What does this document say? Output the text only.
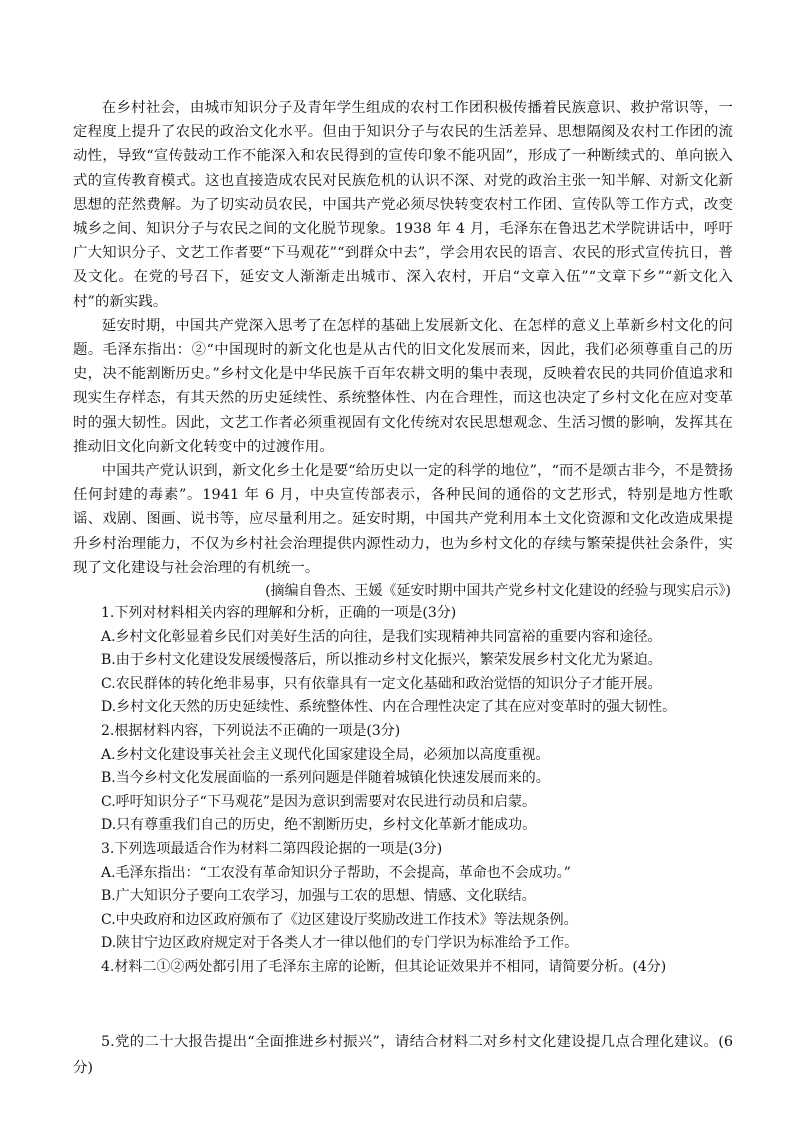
在乡村社会，由城市知识分子及青年学生组成的农村工作团积极传播着民族意识、救护常识等，一定程度上提升了农民的政治文化水平。但由于知识分子与农民的生活差异、思想隔阂及农村工作团的流动性，导致“宣传鼓动工作不能深入和农民得到的宣传印象不能巩固”，形成了一种断续式的、单向嵌入式的宣传教育模式。这也直接造成农民对民族危机的认识不深、对党的政治主张一知半解、对新文化新思想的茫然费解。为了切实动员农民，中国共产党必须尽快转变农村工作团、宣传队等工作方式，改变城乡之间、知识分子与农民之间的文化脱节现象。1938 年 4 月，毛泽东在鲁迅艺术学院讲话中，呼吁广大知识分子、文艺工作者要“下马观花”“到群众中去”，学会用农民的语言、农民的形式宣传抗日，普及文化。在党的号召下，延安文人渐渐走出城市、深入农村，开启“文章入伍”“文章下乡”“新文化入村”的新实践。

延安时期，中国共产党深入思考了在怎样的基础上发展新文化、在怎样的意义上革新乡村文化的问题。毛泽东指出：②“中国现时的新文化也是从古代的旧文化发展而来，因此，我们必须尊重自己的历史，决不能割断历史。”乡村文化是中华民族千百年农耕文明的集中表现，反映着农民的共同价值追求和现实生存样态，有其天然的历史延续性、系统整体性、内在合理性，而这也决定了乡村文化在应对变革时的强大韧性。因此，文艺工作者必须重视固有文化传统对农民思想观念、生活习惯的影响，发挥其在推动旧文化向新文化转变中的过渡作用。

中国共产党认识到，新文化乡土化是要“给历史以一定的科学的地位”，“而不是颂古非今，不是赞扬任何封建的毒素”。1941 年 6 月，中央宣传部表示，各种民间的通俗的文艺形式，特别是地方性歌谣、戏剧、图画、说书等，应尽量利用之。延安时期，中国共产党利用本土文化资源和文化改造成果提升乡村治理能力，不仅为乡村社会治理提供内源性动力，也为乡村文化的存续与繁荣提供社会条件，实现了文化建设与社会治理的有机统一。

(摘编自鲁杰、王媛《延安时期中国共产党乡村文化建设的经验与现实启示》)

1.下列对材料相关内容的理解和分析，正确的一项是(3分)

A.乡村文化彰显着乡民们对美好生活的向往，是我们实现精神共同富裕的重要内容和途径。

B.由于乡村文化建设发展缓慢落后，所以推动乡村文化振兴，繁荣发展乡村文化尤为紧迫。

C.农民群体的转化绝非易事，只有依靠具有一定文化基础和政治觉悟的知识分子才能开展。

D.乡村文化天然的历史延续性、系统整体性、内在合理性决定了其在应对变革时的强大韧性。

2.根据材料内容，下列说法不正确的一项是(3分)

A.乡村文化建设事关社会主义现代化国家建设全局，必须加以高度重视。

B.当今乡村文化发展面临的一系列问题是伴随着城镇化快速发展而来的。

C.呼吁知识分子“下马观花”是因为意识到需要对农民进行动员和启蒙。

D.只有尊重我们自己的历史，绝不割断历史，乡村文化革新才能成功。

3.下列选项最适合作为材料二第四段论据的一项是(3分)

A.毛泽东指出：“工农没有革命知识分子帮助，不会提高，革命也不会成功。”

B.广大知识分子要向工农学习，加强与工农的思想、情感、文化联结。

C.中央政府和边区政府颁布了《边区建设厅奖励改进工作技术》等法规条例。

D.陕甘宁边区政府规定对于各类人才一律以他们的专门学识为标准给予工作。

4.材料二①②两处都引用了毛泽东主席的论断，但其论证效果并不相同，请简要分析。(4分)

5.党的二十大报告提出“全面推进乡村振兴”，请结合材料二对乡村文化建设提几点合理化建议。(6分)
